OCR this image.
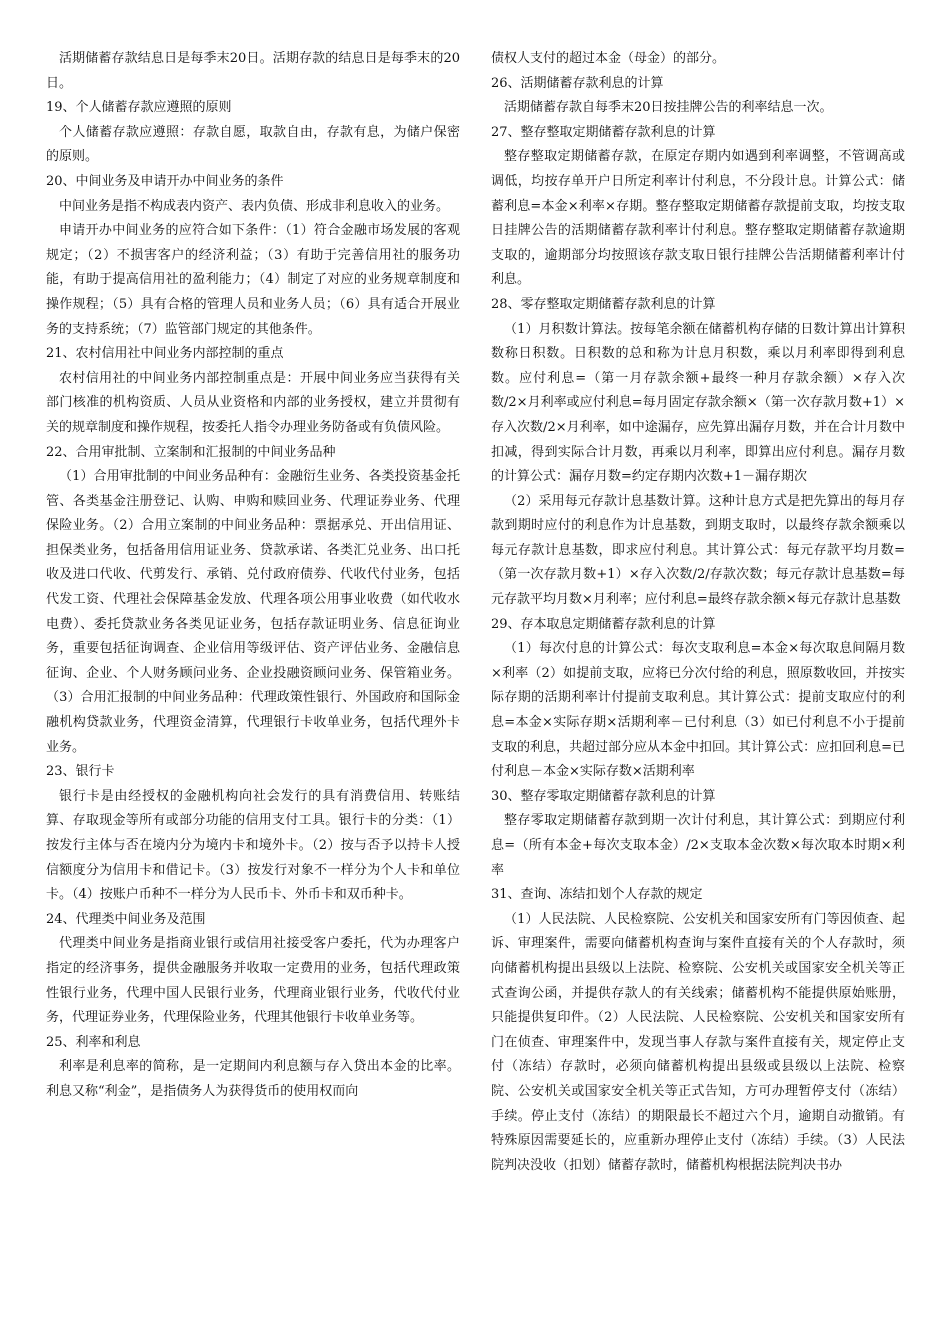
活期储蓄存款结息日是每季末20日。活期存款的结息日是每季末的20日。

19、个人储蓄存款应遵照的原则

个人储蓄存款应遵照：存款自愿，取款自由，存款有息，为储户保密的原则。

20、中间业务及申请开办中间业务的条件

中间业务是指不构成表内资产、表内负债、形成非利息收入的业务。

申请开办中间业务的应符合如下条件：（1）符合金融市场发展的客观规定；（2）不损害客户的经济利益；（3）有助于完善信用社的服务功能，有助于提高信用社的盈利能力；（4）制定了对应的业务规章制度和操作规程；（5）具有合格的管理人员和业务人员；（6）具有适合开展业务的支持系统；（7）监管部门规定的其他条件。

21、农村信用社中间业务内部控制的重点

农村信用社的中间业务内部控制重点是：开展中间业务应当获得有关部门核准的机构资质、人员从业资格和内部的业务授权，建立并贯彻有关的规章制度和操作规程，按委托人指令办理业务防备或有负债风险。

22、合用审批制、立案制和汇报制的中间业务品种

（1）合用审批制的中间业务品种有：金融衍生业务、各类投资基金托管、各类基金注册登记、认购、申购和赎回业务、代理证券业务、代理保险业务。（2）合用立案制的中间业务品种：票据承兑、开出信用证、担保类业务，包括备用信用证业务、贷款承诺、各类汇兑业务、出口托收及进口代收、代剪发行、承销、兑付政府债券、代收代付业务，包括代发工资、代理社会保障基金发放、代理各项公用事业收费（如代收水电费）、委托贷款业务各类见证业务，包括存款证明业务、信息征询业务，重要包括征询调查、企业信用等级评估、资产评估业务、金融信息征询、企业、个人财务顾问业务、企业投融资顾问业务、保管箱业务。（3）合用汇报制的中间业务品种：代理政策性银行、外国政府和国际金融机构贷款业务，代理资金清算，代理银行卡收单业务，包括代理外卡业务。

23、银行卡

银行卡是由经授权的金融机构向社会发行的具有消费信用、转账结算、存取现金等所有或部分功能的信用支付工具。银行卡的分类：（1）按发行主体与否在境内分为境内卡和境外卡。（2）按与否予以持卡人授信额度分为信用卡和借记卡。（3）按发行对象不一样分为个人卡和单位卡。（4）按账户币种不一样分为人民币卡、外币卡和双币种卡。

24、代理类中间业务及范围

代理类中间业务是指商业银行或信用社接受客户委托，代为办理客户指定的经济事务，提供金融服务并收取一定费用的业务，包括代理政策性银行业务，代理中国人民银行业务，代理商业银行业务，代收代付业务，代理证券业务，代理保险业务，代理其他银行卡收单业务等。

25、利率和利息

利率是利息率的简称，是一定期间内利息额与存入贷出本金的比率。利息又称“利金”，是指债务人为获得货币的使用权而向

债权人支付的超过本金（母金）的部分。

26、活期储蓄存款利息的计算

活期储蓄存款自每季末20日按挂牌公告的利率结息一次。

27、整存整取定期储蓄存款利息的计算

整存整取定期储蓄存款，在原定存期内如遇到利率调整，不管调高或调低，均按存单开户日所定利率计付利息，不分段计息。计算公式：储蓄利息=本金×利率×存期。整存整取定期储蓄存款提前支取，均按支取日挂牌公告的活期储蓄存款利率计付利息。整存整取定期储蓄存款逾期支取的，逾期部分均按照该存款支取日银行挂牌公告活期储蓄利率计付利息。

28、零存整取定期储蓄存款利息的计算

（1）月积数计算法。按每笔余额在储蓄机构存储的日数计算出计算积数称日积数。日积数的总和称为计息月积数，乘以月利率即得到利息数。应付利息=（第一月存款余额+最终一种月存款余额）×存入次数/2×月利率或应付利息=每月固定存款余额×（第一次存款月数+1）×存入次数/2×月利率，如中途漏存，应先算出漏存月数，并在合计月数中扣减，得到实际合计月数，再乘以月利率，即算出应付利息。漏存月数的计算公式：漏存月数=约定存期内次数+1－漏存期次

（2）采用每元存款计息基数计算。这种计息方式是把先算出的每月存款到期时应付的利息作为计息基数，到期支取时，以最终存款余额乘以每元存款计息基数，即求应付利息。其计算公式：每元存款平均月数=（第一次存款月数+1）×存入次数/2/存款次数；每元存款计息基数=每元存款平均月数×月利率；应付利息=最终存款余额×每元存款计息基数

29、存本取息定期储蓄存款利息的计算

（1）每次付息的计算公式：每次支取利息=本金×每次取息间隔月数×利率（2）如提前支取，应将已分次付给的利息，照原数收回，并按实际存期的活期利率计付提前支取利息。其计算公式：提前支取应付的利息=本金×实际存期×活期利率－已付利息（3）如已付利息不小于提前支取的利息，共超过部分应从本金中扣回。其计算公式：应扣回利息=已付利息－本金×实际存数×活期利率

30、整存零取定期储蓄存款利息的计算

整存零取定期储蓄存款到期一次计付利息，其计算公式：到期应付利息=（所有本金+每次支取本金）/2×支取本金次数×每次取本时期×利率

31、查询、冻结扣划个人存款的规定

（1）人民法院、人民检察院、公安机关和国家安所有门等因侦查、起诉、审理案件，需要向储蓄机构查询与案件直接有关的个人存款时，须向储蓄机构提出县级以上法院、检察院、公安机关或国家安全机关等正式查询公函，并提供存款人的有关线索；储蓄机构不能提供原始账册，只能提供复印件。（2）人民法院、人民检察院、公安机关和国家安所有门在侦查、审理案件中，发现当事人存款与案件直接有关，规定停止支付（冻结）存款时，必须向储蓄机构提出县级或县级以上法院、检察院、公安机关或国家安全机关等正式告知，方可办理暂停支付（冻结）手续。停止支付（冻结）的期限最长不超过六个月，逾期自动撤销。有特殊原因需要延长的，应重新办理停止支付（冻结）手续。（3）人民法院判决没收（扣划）储蓄存款时，储蓄机构根据法院判决书办
